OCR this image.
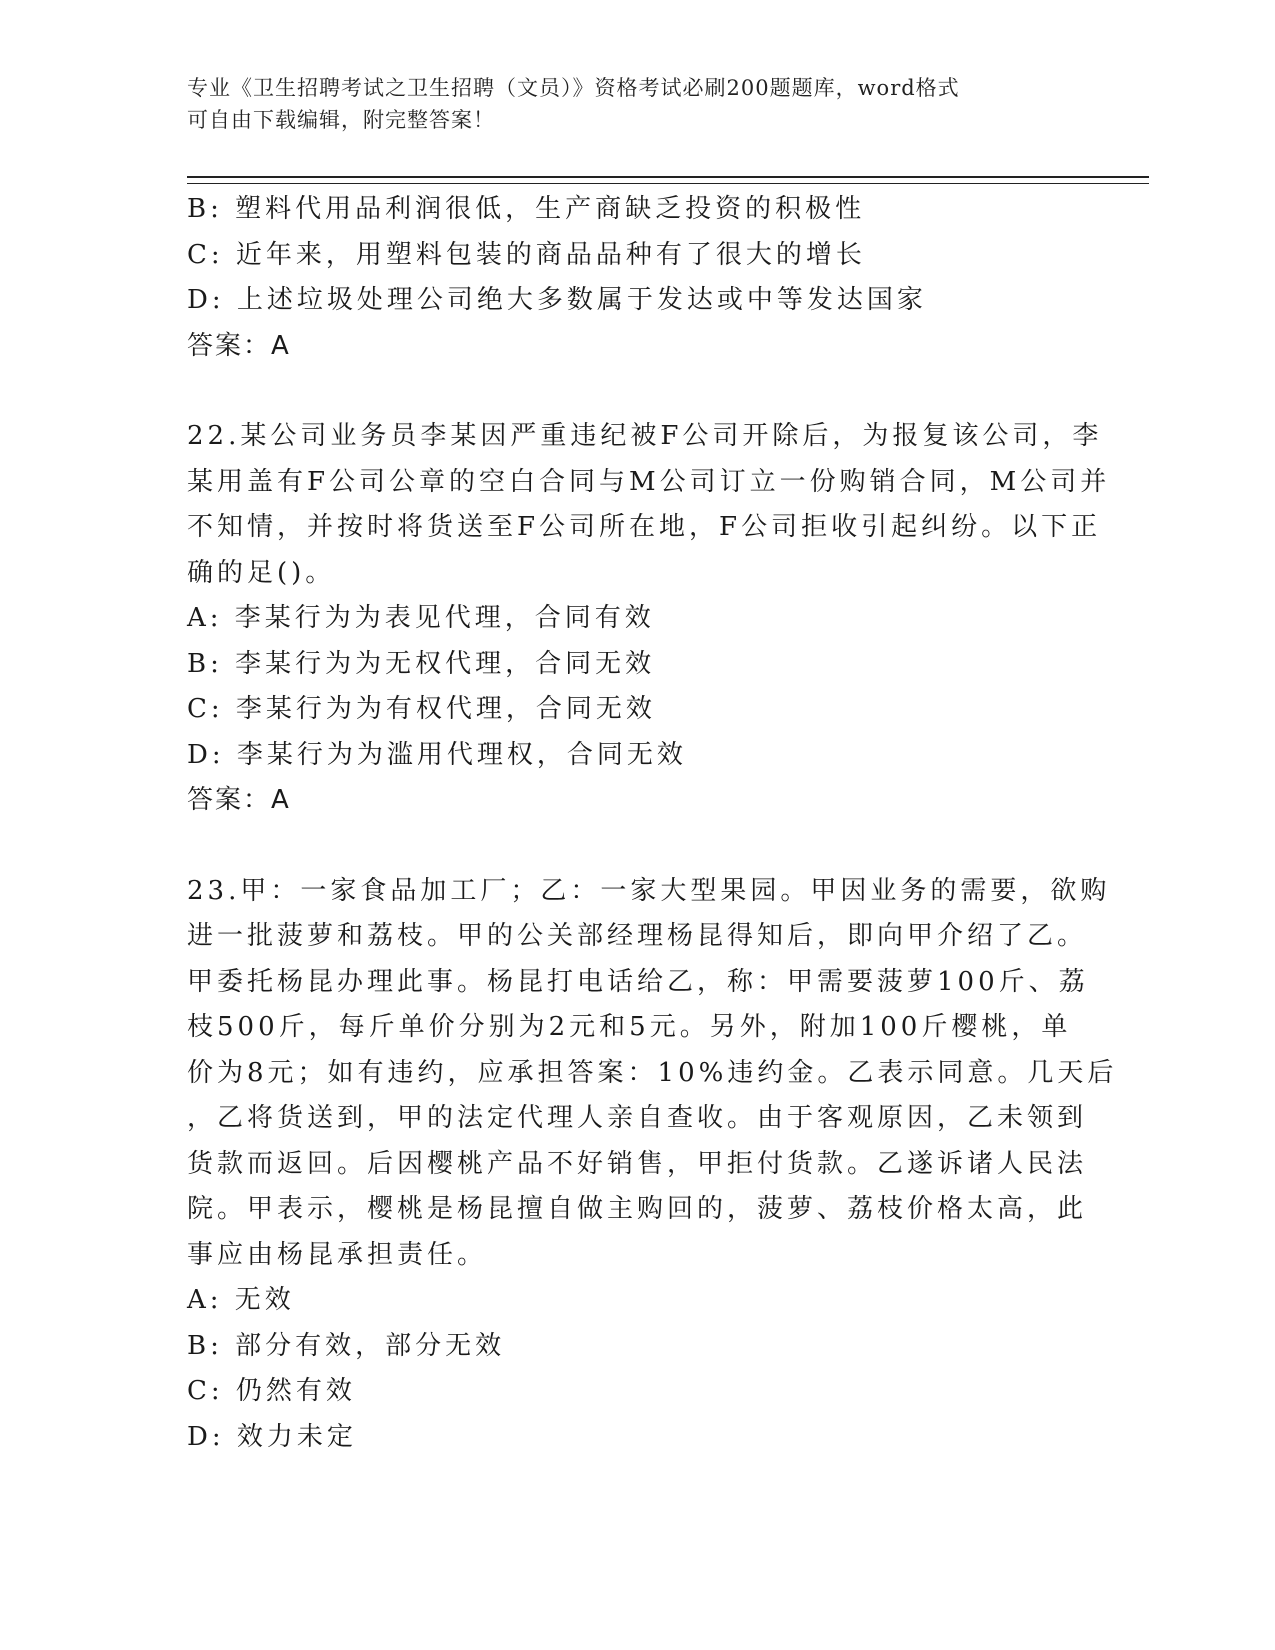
专业《卫生招聘考试之卫生招聘（文员）》资格考试必刷200题题库，word格式
可自由下载编辑，附完整答案！
B: 塑料代用品利润很低，生产商缺乏投资的积极性
C: 近年来，用塑料包装的商品品种有了很大的增长
D: 上述垃圾处理公司绝大多数属于发达或中等发达国家
答案：A
22.某公司业务员李某因严重违纪被F公司开除后，为报复该公司，李
某用盖有F公司公章的空白合同与M公司订立一份购销合同，M公司并
不知情，并按时将货送至F公司所在地，F公司拒收引起纠纷。以下正
确的足()。
A: 李某行为为表见代理，合同有效
B: 李某行为为无权代理，合同无效
C: 李某行为为有权代理，合同无效
D: 李某行为为滥用代理权，合同无效
答案：A
23.甲：一家食品加工厂；乙：一家大型果园。甲因业务的需要，欲购
进一批菠萝和荔枝。甲的公关部经理杨昆得知后，即向甲介绍了乙。
甲委托杨昆办理此事。杨昆打电话给乙，称：甲需要菠萝100斤、荔
枝500斤，每斤单价分别为2元和5元。另外，附加100斤樱桃，单
价为8元；如有违约，应承担答案：10%违约金。乙表示同意。几天后
，乙将货送到，甲的法定代理人亲自查收。由于客观原因，乙未领到
货款而返回。后因樱桃产品不好销售，甲拒付货款。乙遂诉诸人民法
院。甲表示，樱桃是杨昆擅自做主购回的，菠萝、荔枝价格太高，此
事应由杨昆承担责任。
A: 无效
B: 部分有效，部分无效
C: 仍然有效
D: 效力未定
